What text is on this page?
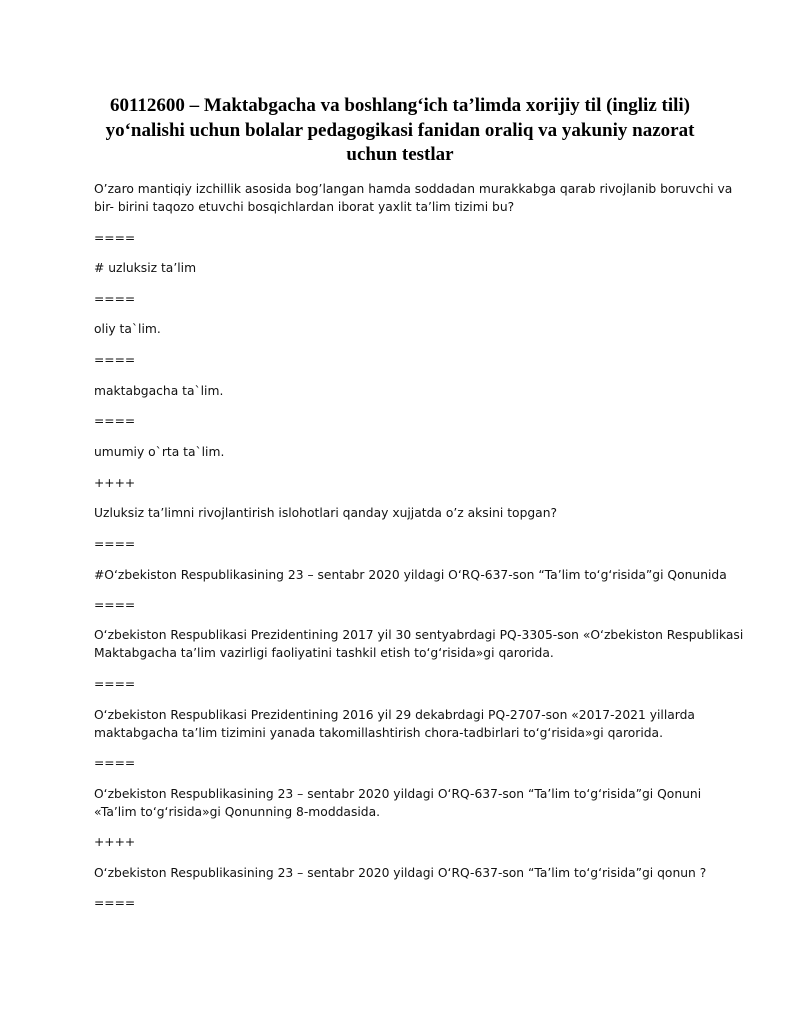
60112600 – Maktabgacha va boshlang‘ich ta’limda xorijiy til (ingliz tili)
yo‘nalishi uchun bolalar pedagogikasi fanidan oraliq va yakuniy nazorat
uchun testlar
O’zaro mantiqiy izchillik asosida bog’langan hamda soddadan murakkabga qarab rivojlanib boruvchi va
bir- birini taqozo etuvchi bosqichlardan iborat yaxlit ta’lim tizimi bu?
====
# uzluksiz ta’lim
====
oliy ta`lim.
====
maktabgacha ta`lim.
====
umumiy o`rta ta`lim.
++++
Uzluksiz ta’limni rivojlantirish islohotlari qanday xujjatda o’z aksini topgan?
====
#O‘zbekiston Respublikasining 23 – sentabr 2020 yildagi O‘RQ-637-son “Ta’lim to‘g‘risida”gi Qonunida
====
O‘zbekiston Respublikasi Prezidentining 2017 yil 30 sentyabrdagi PQ-3305-son «O‘zbekiston Respublikasi
Maktabgacha ta’lim vazirligi faoliyatini tashkil etish to‘g‘risida»gi qarorida.
====
O‘zbekiston Respublikasi Prezidentining 2016 yil 29 dekabrdagi PQ-2707-son «2017-2021 yillarda
maktabgacha ta’lim tizimini yanada takomillashtirish chora-tadbirlari to‘g‘risida»gi qarorida.
====
O‘zbekiston Respublikasining 23 – sentabr 2020 yildagi O‘RQ-637-son “Ta’lim to‘g‘risida”gi Qonuni
«Ta’lim to‘g‘risida»gi Qonunning 8-moddasida.
++++
O‘zbekiston Respublikasining 23 – sentabr 2020 yildagi O‘RQ-637-son “Ta’lim to‘g‘risida”gi qonun ?
====
